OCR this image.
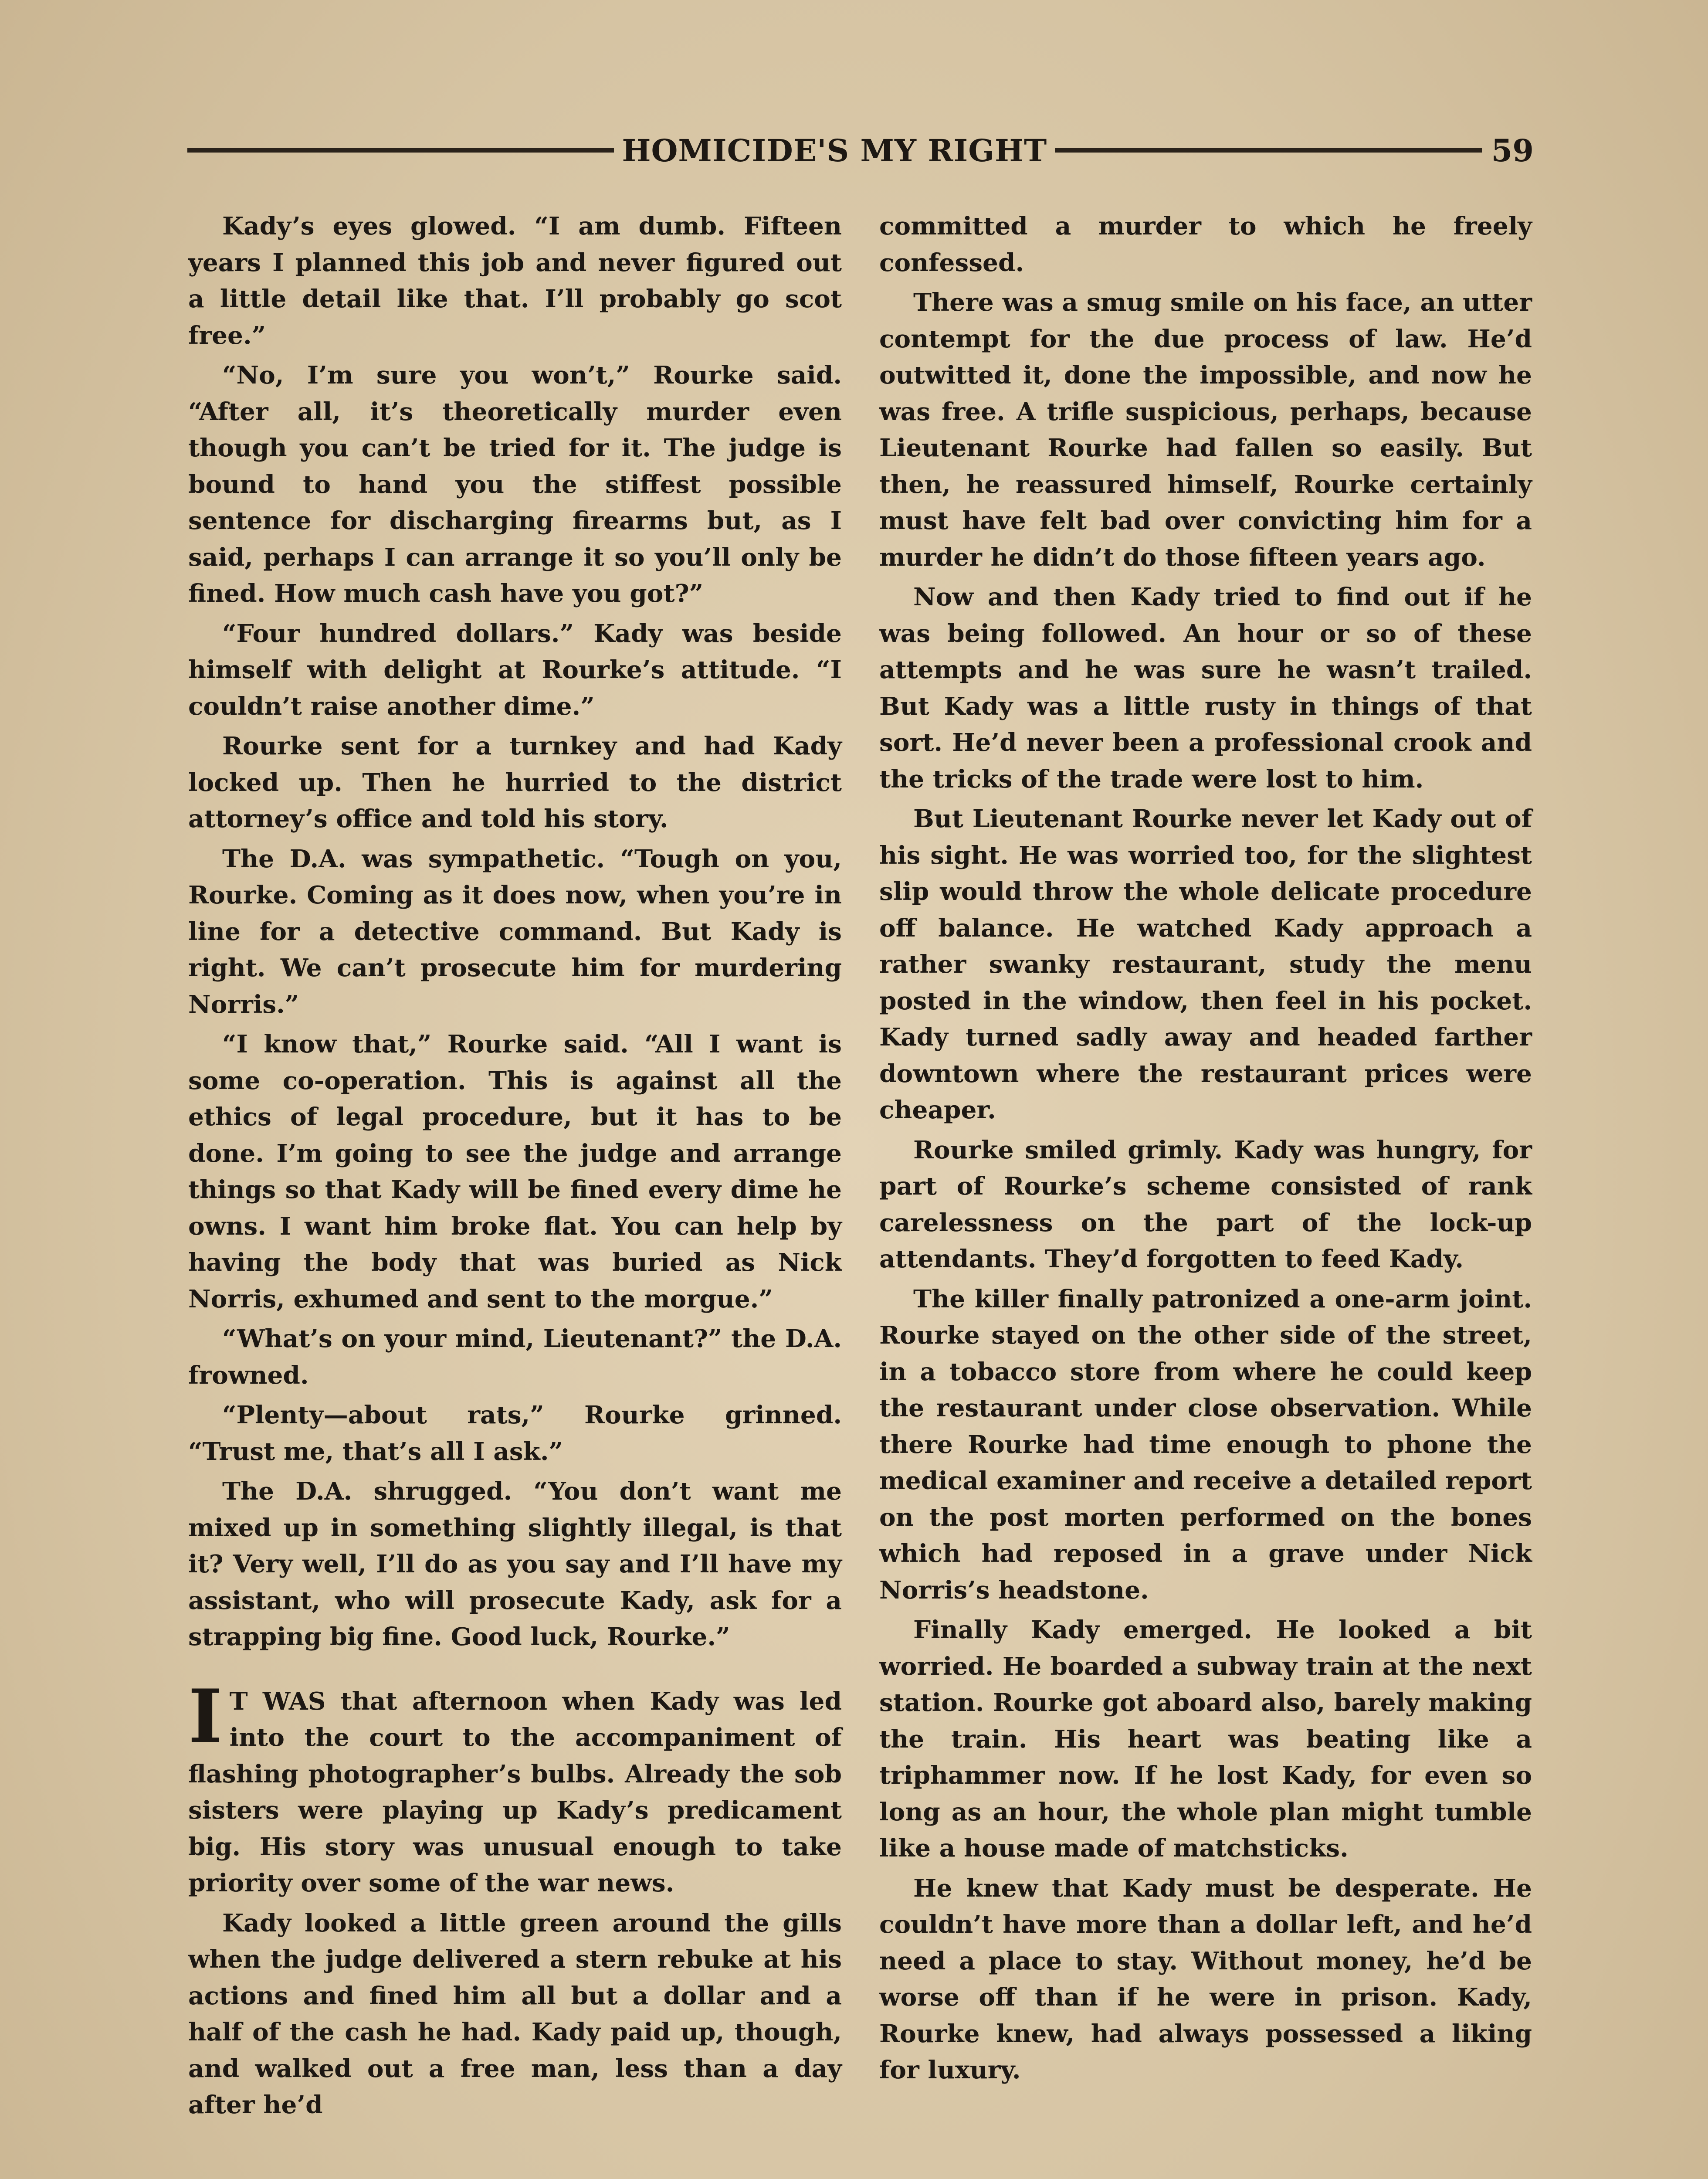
HOMICIDE'S MY RIGHT	59

Kady’s eyes glowed. “I am dumb. Fifteen years I planned this job and never figured out a little detail like that. I’ll probably go scot free.”

“No, I’m sure you won’t,” Rourke said. “After all, it’s theoretically murder even though you can’t be tried for it. The judge is bound to hand you the stiffest possible sentence for discharging firearms but, as I said, perhaps I can arrange it so you’ll only be fined. How much cash have you got?”

“Four hundred dollars.” Kady was beside himself with delight at Rourke’s attitude. “I couldn’t raise another dime.”

Rourke sent for a turnkey and had Kady locked up. Then he hurried to the district attorney’s office and told his story.

The D.A. was sympathetic. “Tough on you, Rourke. Coming as it does now, when you’re in line for a detective command. But Kady is right. We can’t prosecute him for murdering Norris.”

“I know that,” Rourke said. “All I want is some co-operation. This is against all the ethics of legal procedure, but it has to be done. I’m going to see the judge and arrange things so that Kady will be fined every dime he owns. I want him broke flat. You can help by having the body that was buried as Nick Norris, exhumed and sent to the morgue.”

“What’s on your mind, Lieutenant?” the D.A. frowned.

“Plenty—about rats,” Rourke grinned. “Trust me, that’s all I ask.”

The D.A. shrugged. “You don’t want me mixed up in something slightly illegal, is that it? Very well, I’ll do as you say and I’ll have my assistant, who will prosecute Kady, ask for a strapping big fine. Good luck, Rourke.”

I T WAS that afternoon when Kady was led into the court to the accompaniment of flashing photographer’s bulbs. Already the sob sisters were playing up Kady’s predicament big. His story was unusual enough to take priority over some of the war news.

Kady looked a little green around the gills when the judge delivered a stern rebuke at his actions and fined him all but a dollar and a half of the cash he had. Kady paid up, though, and walked out a free man, less than a day after he’d

committed a murder to which he freely confessed.

There was a smug smile on his face, an utter contempt for the due process of law. He’d outwitted it, done the impossible, and now he was free. A trifle suspicious, perhaps, because Lieutenant Rourke had fallen so easily. But then, he reassured himself, Rourke certainly must have felt bad over convicting him for a murder he didn’t do those fifteen years ago.

Now and then Kady tried to find out if he was being followed. An hour or so of these attempts and he was sure he wasn’t trailed. But Kady was a little rusty in things of that sort. He’d never been a professional crook and the tricks of the trade were lost to him.

But Lieutenant Rourke never let Kady out of his sight. He was worried too, for the slightest slip would throw the whole delicate procedure off balance. He watched Kady approach a rather swanky restaurant, study the menu posted in the window, then feel in his pocket. Kady turned sadly away and headed farther downtown where the restaurant prices were cheaper.

Rourke smiled grimly. Kady was hungry, for part of Rourke’s scheme consisted of rank carelessness on the part of the lock-up attendants. They’d forgotten to feed Kady.

The killer finally patronized a one-arm joint. Rourke stayed on the other side of the street, in a tobacco store from where he could keep the restaurant under close observation. While there Rourke had time enough to phone the medical examiner and receive a detailed report on the post morten performed on the bones which had reposed in a grave under Nick Norris’s headstone.

Finally Kady emerged. He looked a bit worried. He boarded a subway train at the next station. Rourke got aboard also, barely making the train. His heart was beating like a triphammer now. If he lost Kady, for even so long as an hour, the whole plan might tumble like a house made of matchsticks.

He knew that Kady must be desperate. He couldn’t have more than a dollar left, and he’d need a place to stay. Without money, he’d be worse off than if he were in prison. Kady, Rourke knew, had always possessed a liking for luxury.
